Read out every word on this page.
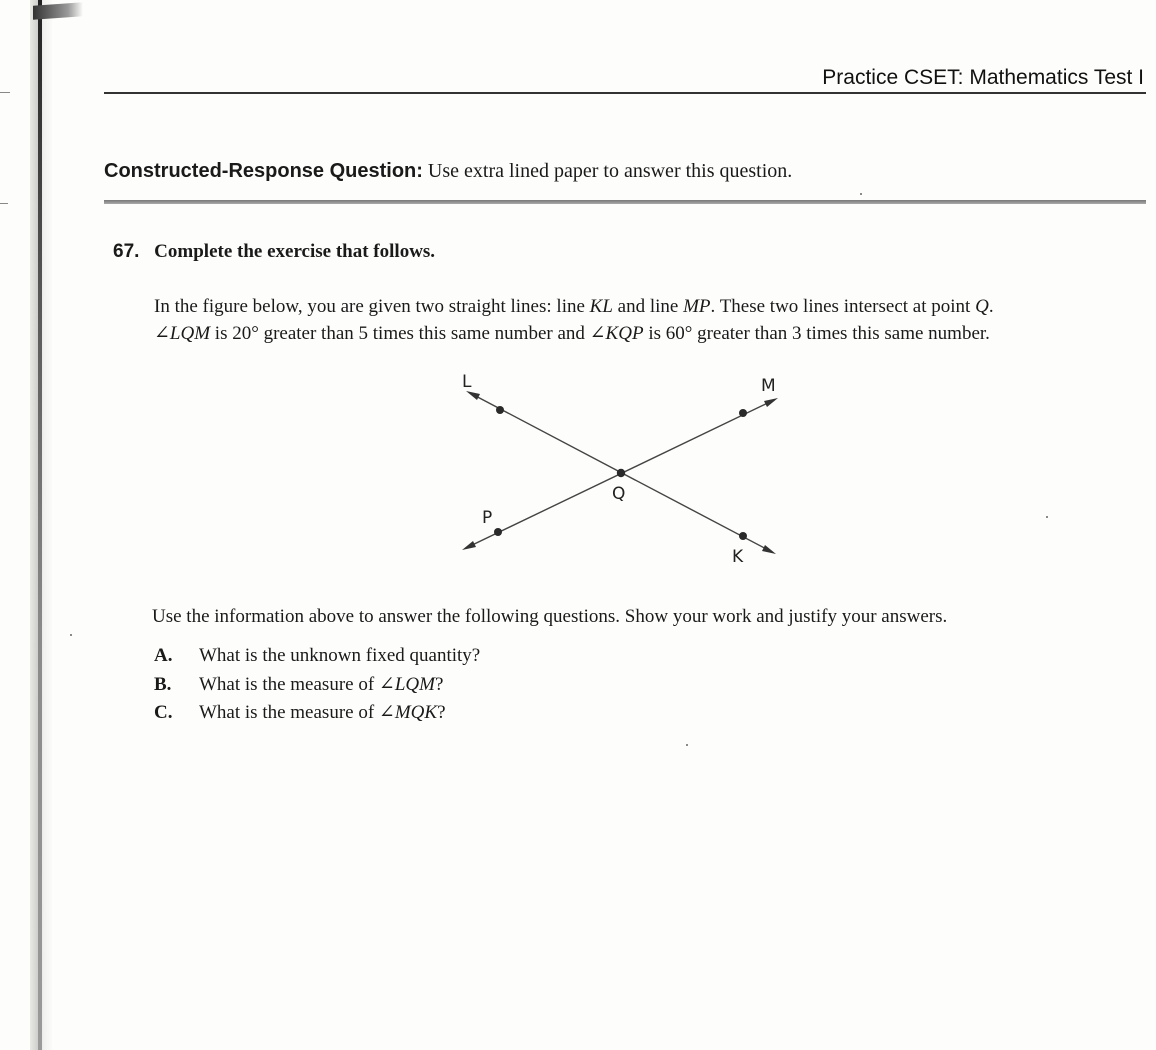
Practice CSET: Mathematics Test I
Constructed-Response Question: Use extra lined paper to answer this question.
67. Complete the exercise that follows.
In the figure below, you are given two straight lines: line KL and line MP. These two lines intersect at point Q.
∠LQM is 20° greater than 5 times this same number and ∠KQP is 60° greater than 3 times this same number.
L	M
Q
P
K
Use the information above to answer the following questions. Show your work and justify your answers.
A. What is the unknown fixed quantity?
B. What is the measure of ∠LQM?
C. What is the measure of ∠MQK?
